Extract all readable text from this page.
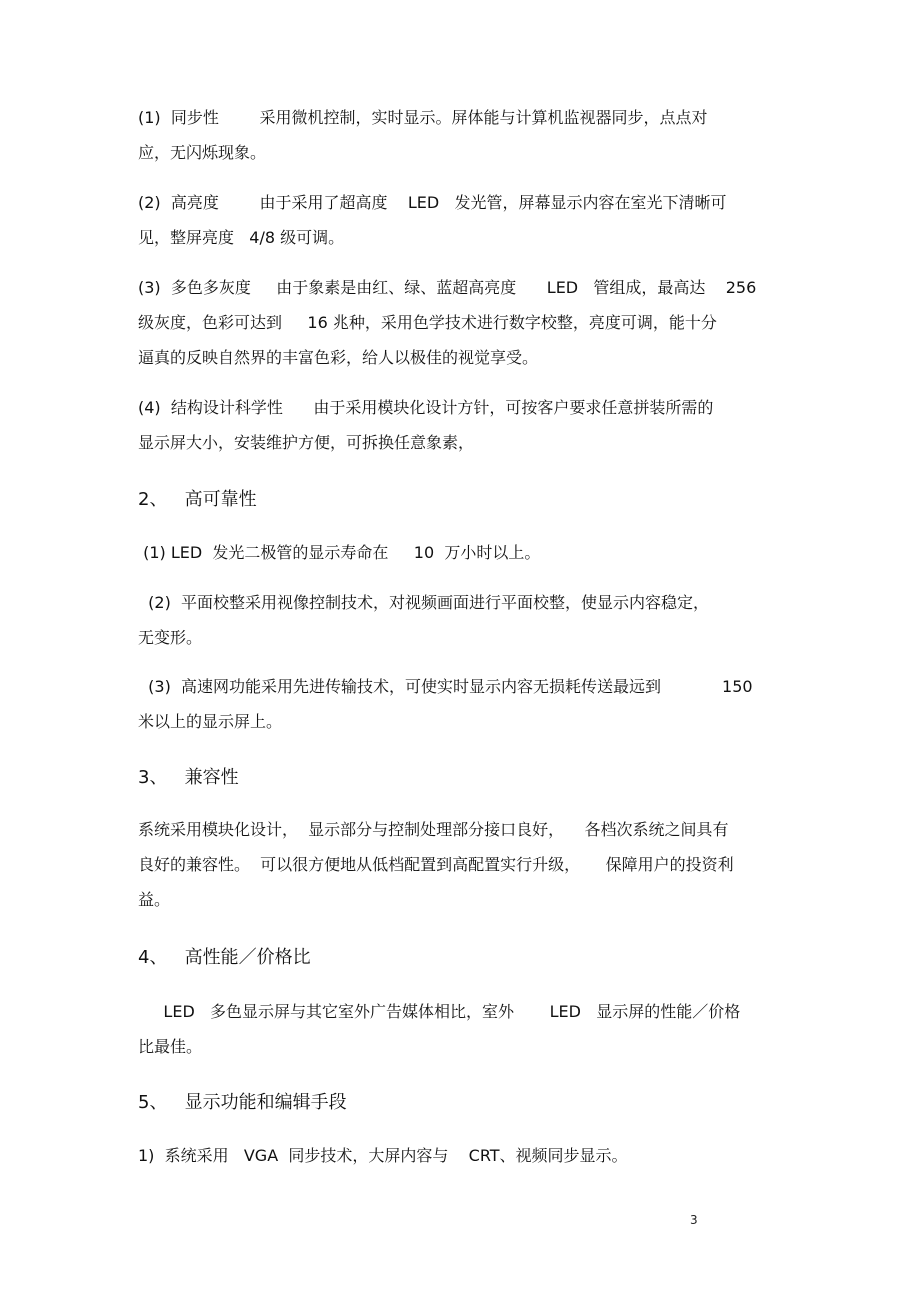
(1)  同步性        采用微机控制，实时显示。屏体能与计算机监视器同步，点点对
应，无闪烁现象。
(2)  高亮度        由于采用了超高度    LED   发光管，屏幕显示内容在室光下清晰可
见，整屏亮度   4/8 级可调。
(3)  多色多灰度     由于象素是由红、绿、蓝超高亮度      LED   管组成，最高达    256
级灰度，色彩可达到     16 兆种，采用色学技术进行数字校整，亮度可调，能十分
逼真的反映自然界的丰富色彩，给人以极佳的视觉享受。
(4)  结构设计科学性      由于采用模块化设计方针，可按客户要求任意拼装所需的
显示屏大小，安装维护方便，可拆换任意象素，
2、   高可靠性
(1) LED  发光二极管的显示寿命在     10  万小时以上。
(2)  平面校整采用视像控制技术，对视频画面进行平面校整，使显示内容稳定，
无变形。
(3)  高速网功能采用先进传输技术，可使实时显示内容无损耗传送最远到            150
米以上的显示屏上。
3、   兼容性
系统采用模块化设计，  显示部分与控制处理部分接口良好，    各档次系统之间具有
良好的兼容性。  可以很方便地从低档配置到高配置实行升级，     保障用户的投资利
益。
4、   高性能／价格比
LED   多色显示屏与其它室外广告媒体相比，室外       LED   显示屏的性能／价格
比最佳。
5、   显示功能和编辑手段
1)  系统采用   VGA  同步技术，大屏内容与    CRT、视频同步显示。
3
